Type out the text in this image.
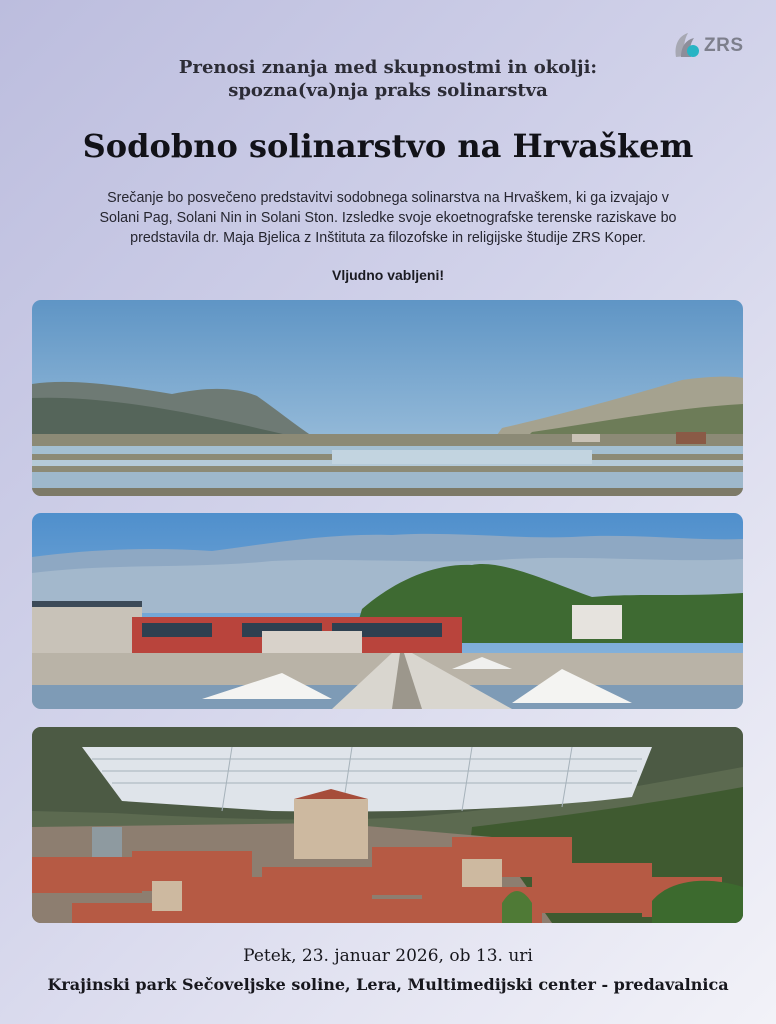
ZRS
Prenosi znanja med skupnostmi in okolji:
spozna(va)nja praks solinarstva
Sodobno solinarstvo na Hrvaškem
Srečanje bo posvečeno predstavitvi sodobnega solinarstva na Hrvaškem, ki ga izvajajo v
Solani Pag, Solani Nin in Solani Ston. Izsledke svoje ekoetnografske terenske raziskave bo
predstavila dr. Maja Bjelica z Inštituta za filozofske in religijske študije ZRS Koper.
Vljudno vabljeni!
Petek, 23. januar 2026, ob 13. uri
Krajinski park Sečoveljske soline, Lera, Multimedijski center - predavalnica
